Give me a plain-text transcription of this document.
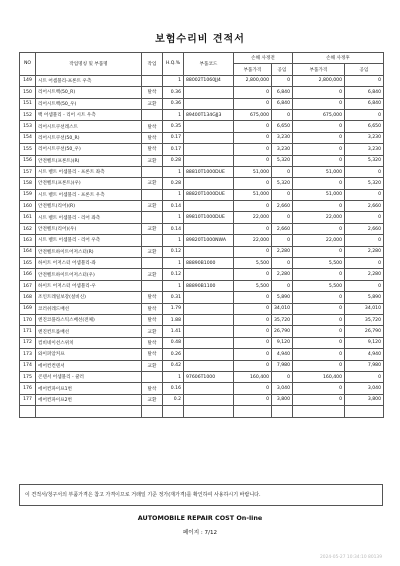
보험수리비 견적서
NO	작업명칭 및 부품명	작업	H.Q.%	부품코드	손해 사정전		손해 사정후	
					부품가격	공임	부품가격	공임
149	시트 어셈블리-프론트 우측		1	88002T1060JJ4	2,800,000	0	2,800,000	0
150	리어시트백(50_R)	탈착	0.36		0	6,840	0	6,840
151	리어시트백(50_우)	교환	0.36		0	6,840	0	6,840
152	백 어셈블리 - 리어 시트 우측		1	89400T134GJJ3	675,000	0	675,000	0
153	리어시트쿠션레스트	탈착	0.35		0	6,650	0	6,650
154	리어시트쿠션(50_R)	탈착	0.17		0	3,230	0	3,230
155	리어시트쿠션(50_우)	탈착	0.17		0	3,230	0	3,230
156	안전벨트(프론트)(R)	교환	0.28		0	5,320	0	5,320
157	시트 벨트 어셈블리 - 프론트 좌측		1	88810T1000DUE	51,000	0	51,000	0
158	안전벨트(프론트)(우)	교환	0.28		0	5,320	0	5,320
159	시트 벨트 어셈블리 - 프론트 우측		1	88820T1000DUE	51,000	0	51,000	0
160	안전벨트(리어)(R)	교환	0.14		0	2,660	0	2,660
161	시트 벨트 어셈블리 - 리어 좌측		1	89810T1000DUE	22,000	0	22,000	0
162	안전벨트(리어)(우)	교환	0.14		0	2,660	0	2,660
163	시트 벨트 어셈블리 - 리어 우측		1	89820T1000NWA	22,000	0	22,000	0
164	안전벨트하이트어저스터(R)	교환	0.12		0	2,280	0	2,280
165	하이트 어저스터 어셈블리-좌		1	88890B1000	5,500	0	5,500	0
166	안전벨트하이트어저스터(우)	교환	0.12		0	2,280	0	2,280
167	하이트 어저스터 어셈블리-우		1	88890B1100	5,500	0	5,500	0
168	조인트레일보강(설비신)	탈착	0.31		0	5,890	0	5,890
169	코러쉬레드배선	탈착	1.79		0	34,010	0	34,010
170	엔진코플라스틱스배선(전체)	탈착	1.88		0	35,720	0	35,720
171	엔진컨트롤배선	교환	1.41		0	26,790	0	26,790
172	컴비네이션스위치	탈착	0.48		0	9,120	0	9,120
173	와이퍼암커프	탈착	0.26		0	4,940	0	4,940
174	에어컨컨덴서	교환	0.42		0	7,980	0	7,980
175	콘덴서 어셈블리 - 쿨러		1	97606T1000	160,400	0	160,400	0
176	에어컨파이프1번	탈착	0.16		0	3,040	0	3,040
177	에어컨파이프2번	교환	0.2		0	3,800	0	3,800

이 견적서/청구서의 부품가격은 참고 가격이므로 거래일 기준 정가(재가격)를 확인하여 사용하시기 바랍니다.
AUTOMOBILE REPAIR COST On-line
페이지 : 7/12
2024-05-27 10:34:10 80139
